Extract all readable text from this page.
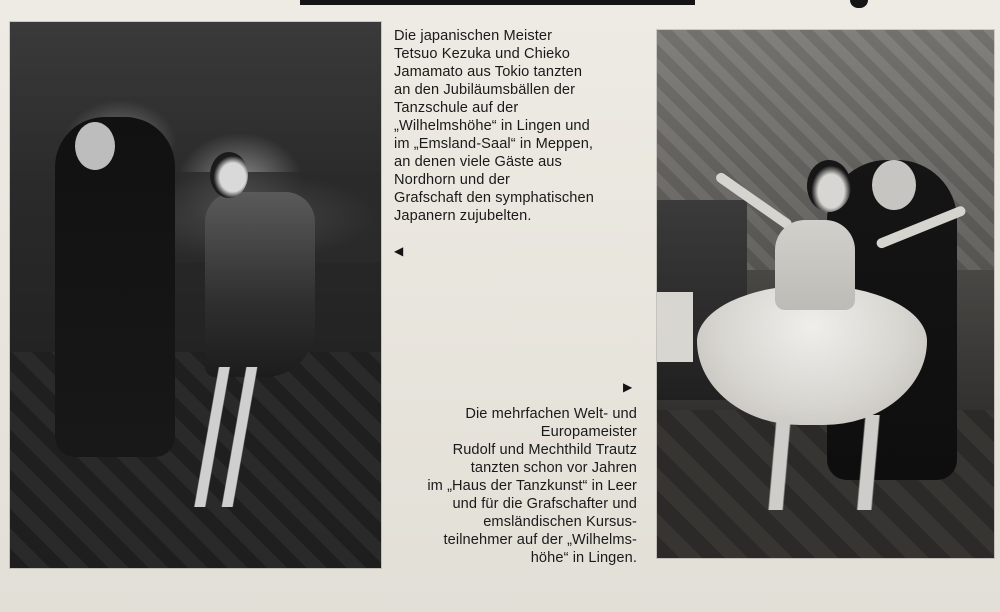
Die japanischen Meister
Tetsuo Kezuka und Chieko
Jamamato aus Tokio tanzten
an den Jubiläumsbällen der
Tanzschule auf der
„Wilhelmshöhe“ in Lingen und
im „Emsland-Saal“ in Meppen,
an denen viele Gäste aus
Nordhorn und der
Grafschaft den symphatischen
Japanern zujubelten.
◀
▶
Die mehrfachen Welt- und
Europameister
Rudolf und Mechthild Trautz
tanzten schon vor Jahren
im „Haus der Tanzkunst“ in Leer
und für die Grafschafter und
emsländischen Kursus-
teilnehmer auf der „Wilhelms-
höhe“ in Lingen.
